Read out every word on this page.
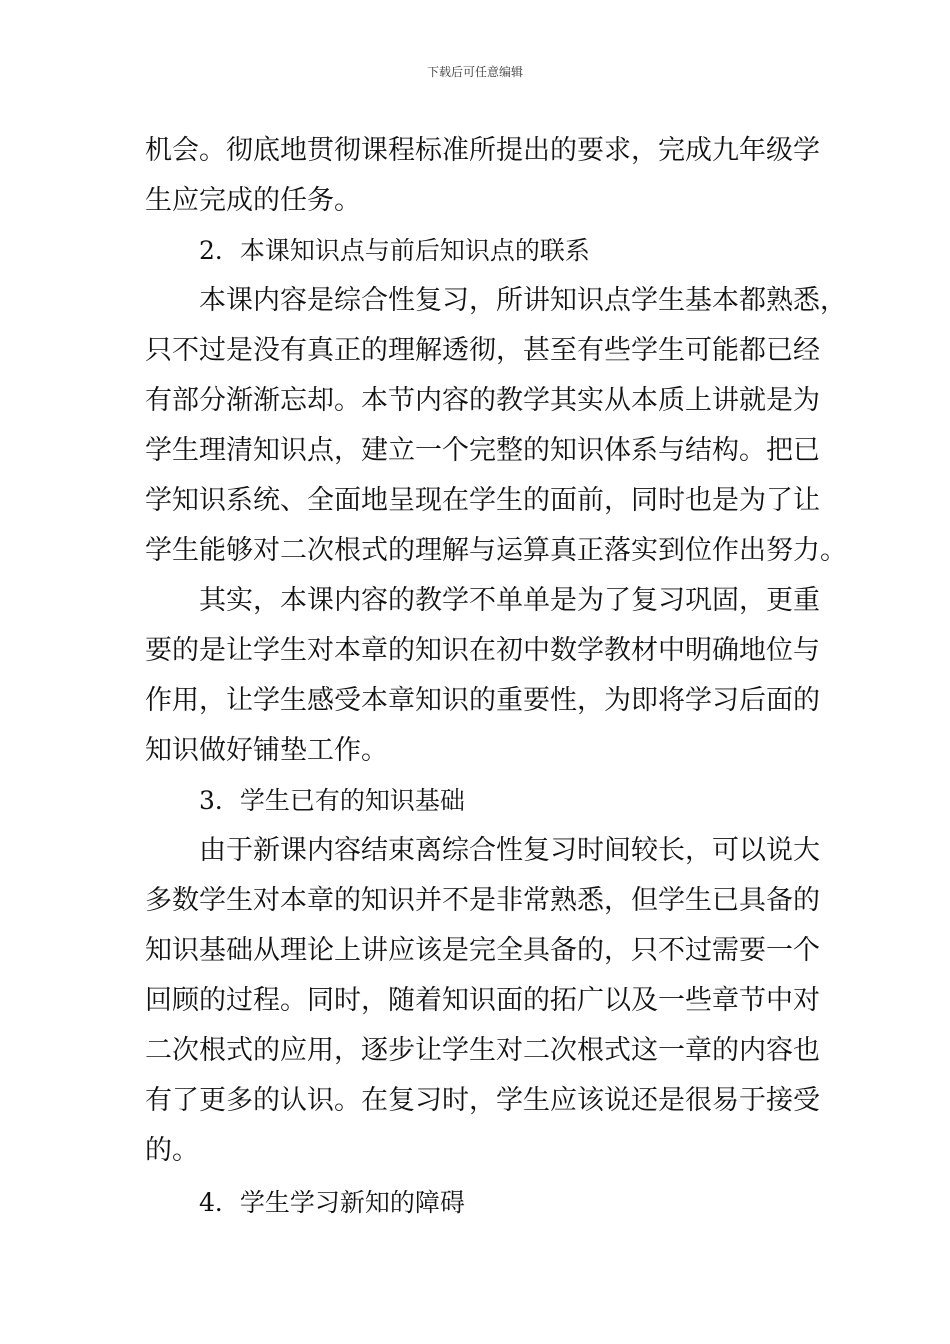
下载后可任意编辑
机会。彻底地贯彻课程标准所提出的要求，完成九年级学
生应完成的任务。
2．本课知识点与前后知识点的联系
本课内容是综合性复习，所讲知识点学生基本都熟悉，
只不过是没有真正的理解透彻，甚至有些学生可能都已经
有部分渐渐忘却。本节内容的教学其实从本质上讲就是为
学生理清知识点，建立一个完整的知识体系与结构。把已
学知识系统、全面地呈现在学生的面前，同时也是为了让
学生能够对二次根式的理解与运算真正落实到位作出努力。
其实，本课内容的教学不单单是为了复习巩固，更重
要的是让学生对本章的知识在初中数学教材中明确地位与
作用，让学生感受本章知识的重要性，为即将学习后面的
知识做好铺垫工作。
3．学生已有的知识基础
由于新课内容结束离综合性复习时间较长，可以说大
多数学生对本章的知识并不是非常熟悉，但学生已具备的
知识基础从理论上讲应该是完全具备的，只不过需要一个
回顾的过程。同时，随着知识面的拓广以及一些章节中对
二次根式的应用，逐步让学生对二次根式这一章的内容也
有了更多的认识。在复习时，学生应该说还是很易于接受
的。
4．学生学习新知的障碍
